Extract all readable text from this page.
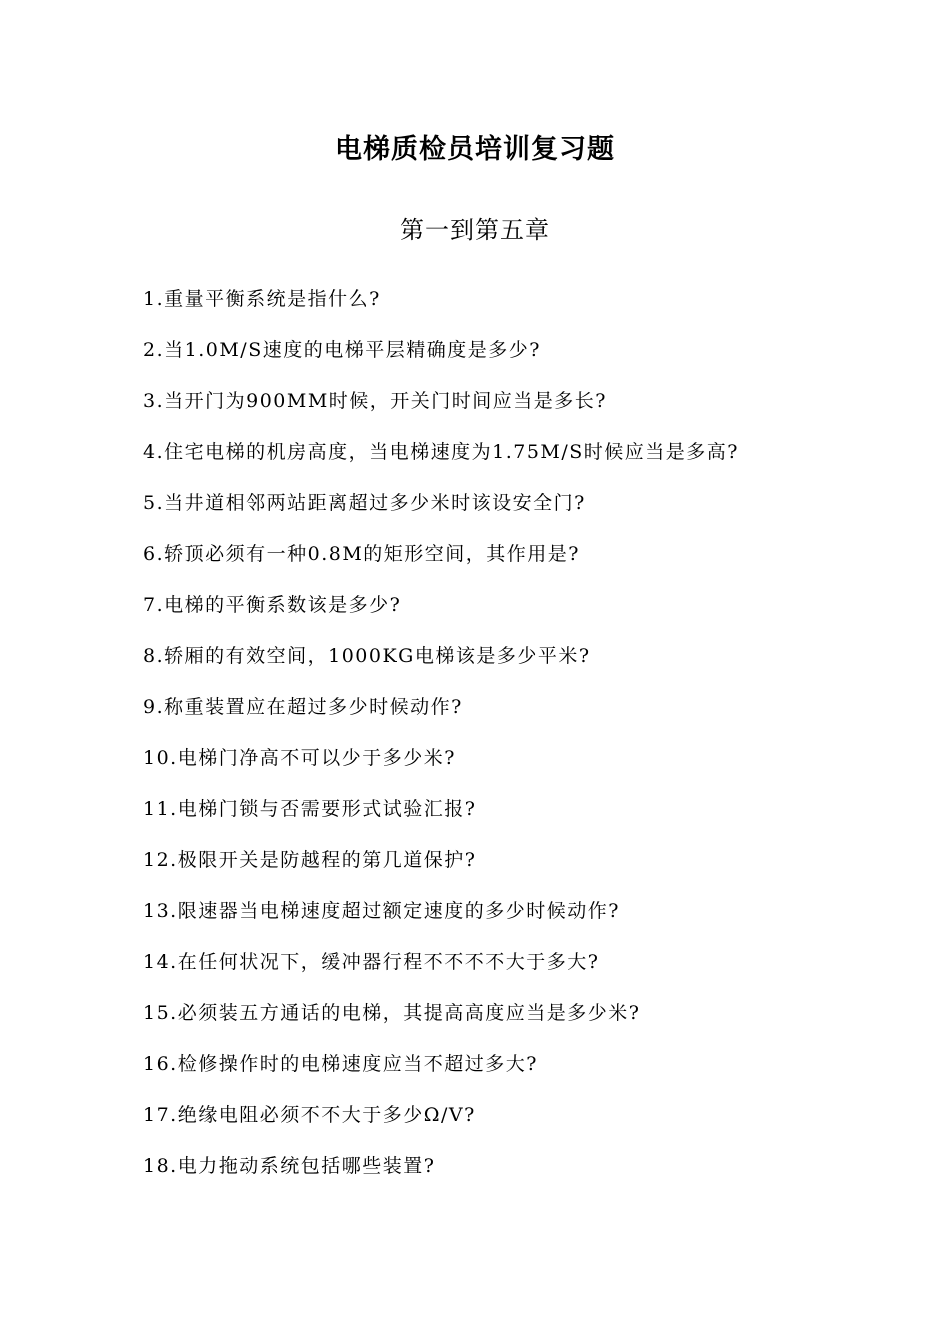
电梯质检员培训复习题
第一到第五章
1.重量平衡系统是指什么?
2.当1.0M/S速度的电梯平层精确度是多少?
3.当开门为900MM时候，开关门时间应当是多长?
4.住宅电梯的机房高度，当电梯速度为1.75M/S时候应当是多高?
5.当井道相邻两站距离超过多少米时该设安全门?
6.轿顶必须有一种0.8M的矩形空间，其作用是?
7.电梯的平衡系数该是多少?
8.轿厢的有效空间，1000KG电梯该是多少平米?
9.称重装置应在超过多少时候动作?
10.电梯门净高不可以少于多少米?
11.电梯门锁与否需要形式试验汇报?
12.极限开关是防越程的第几道保护?
13.限速器当电梯速度超过额定速度的多少时候动作?
14.在任何状况下，缓冲器行程不不不不大于多大?
15.必须装五方通话的电梯，其提高高度应当是多少米?
16.检修操作时的电梯速度应当不超过多大?
17.绝缘电阻必须不不大于多少Ω/V?
18.电力拖动系统包括哪些装置?
